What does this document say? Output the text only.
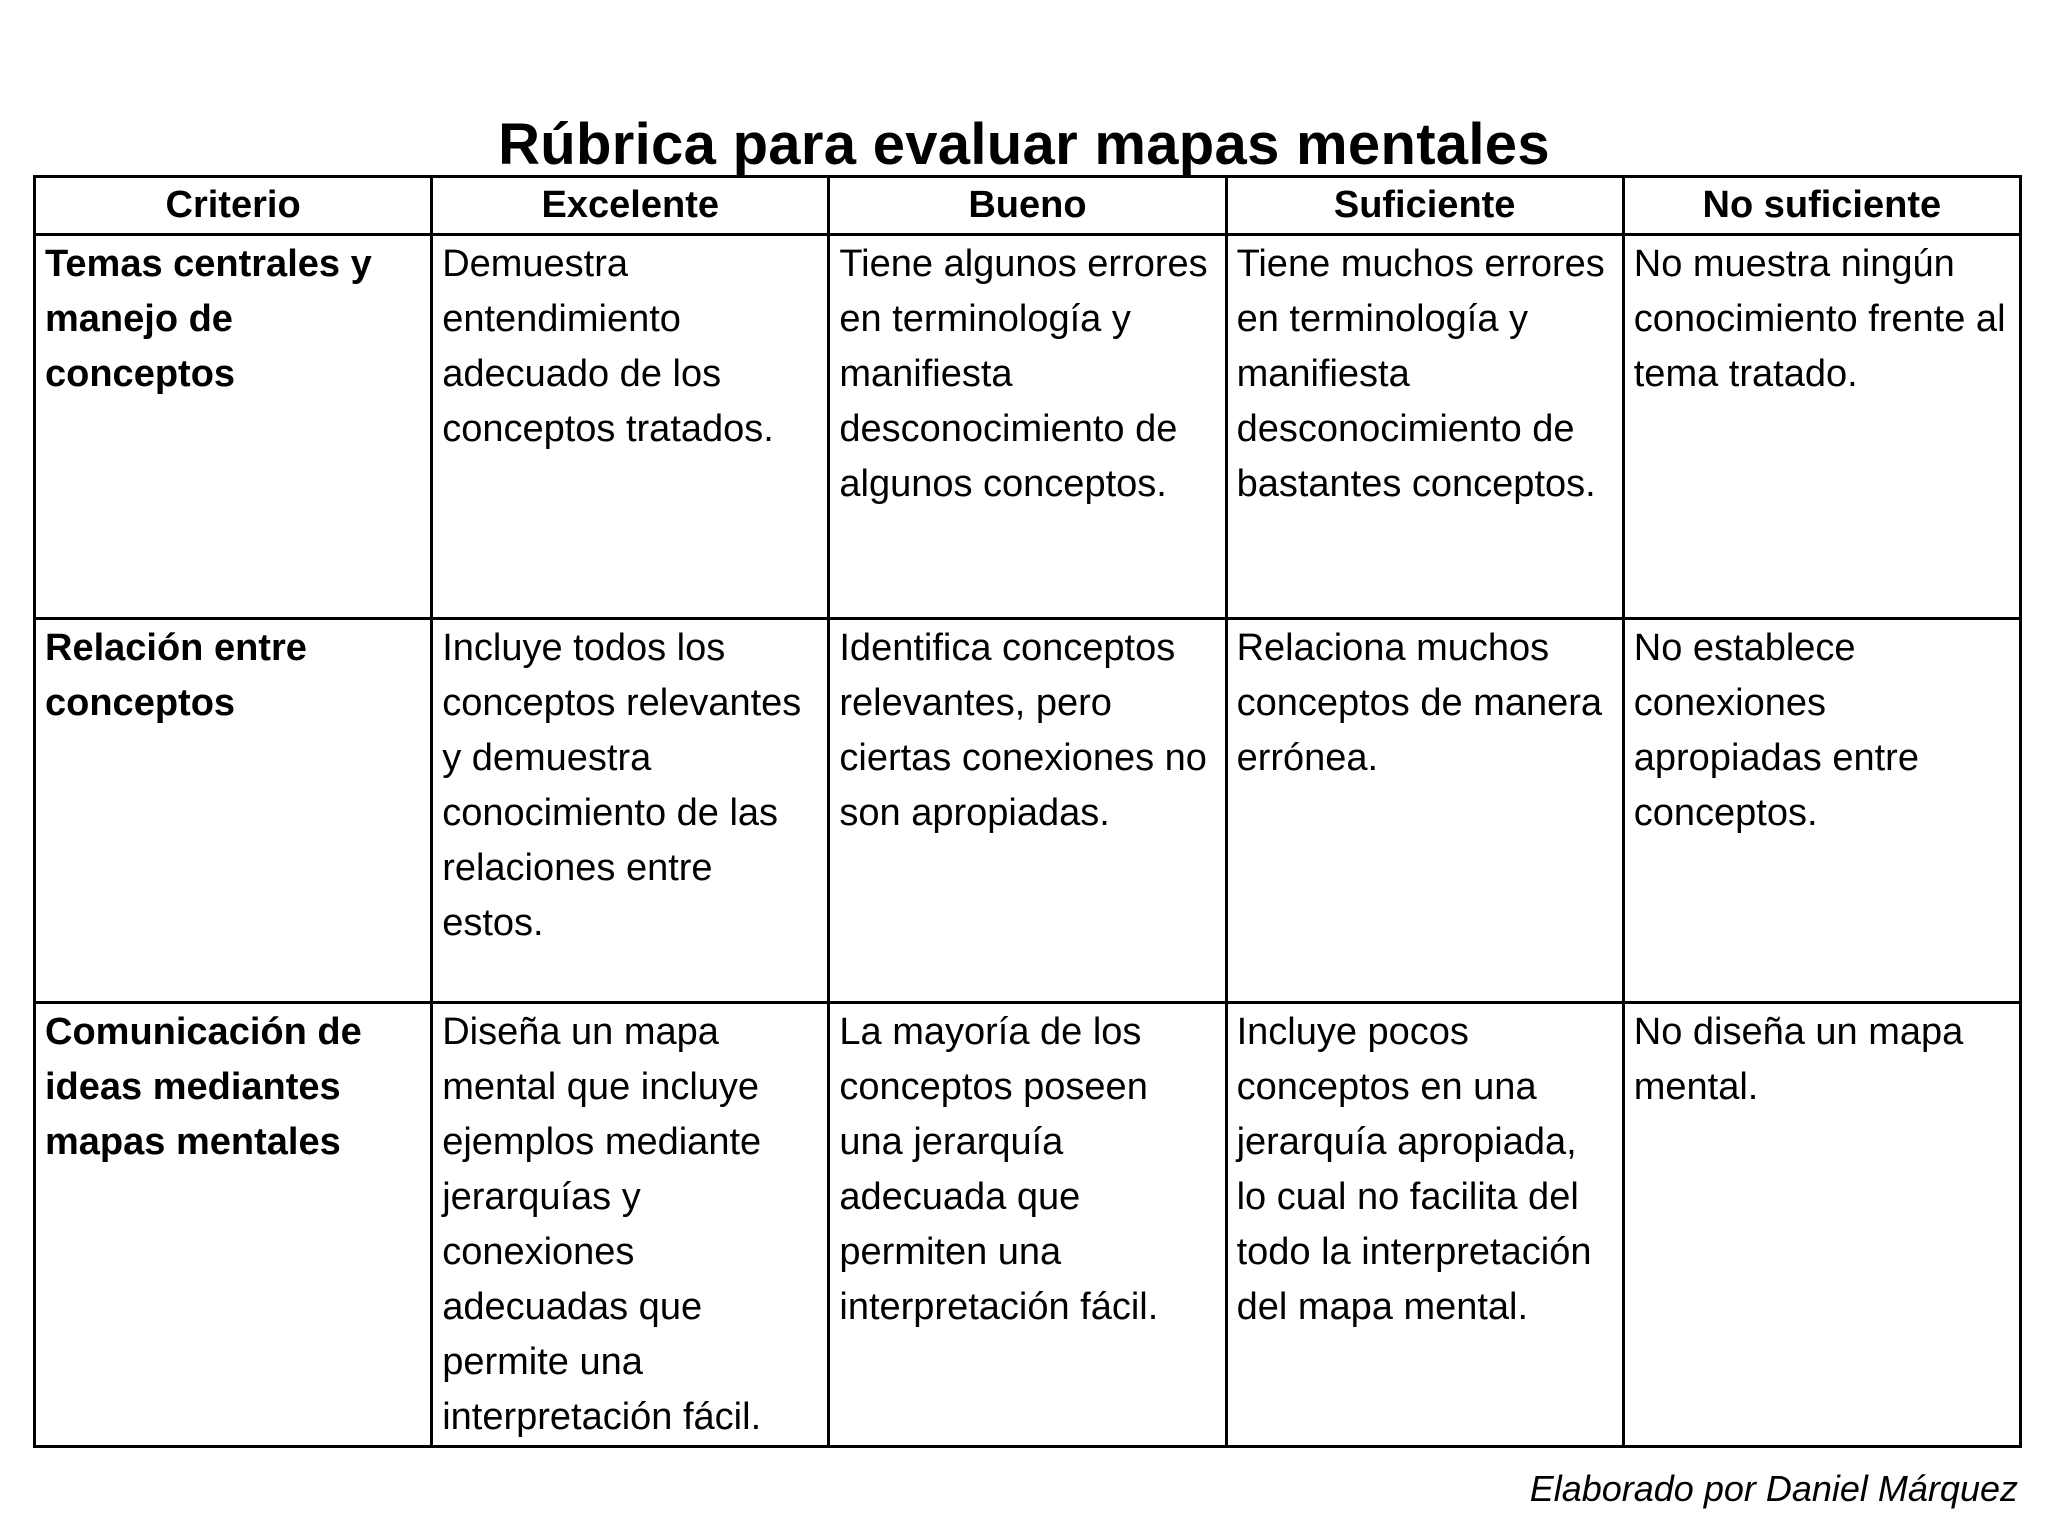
Rúbrica para evaluar mapas mentales
Criterio	Excelente	Bueno	Suficiente	No suficiente

Temas centrales y manejo de conceptos	Demuestra entendimiento adecuado de los conceptos tratados.	Tiene algunos errores en terminología y manifiesta desconocimiento de algunos conceptos.	Tiene muchos errores en terminología y manifiesta desconocimiento de bastantes conceptos.	No muestra ningún conocimiento frente al tema tratado.

Relación entre conceptos	Incluye todos los conceptos relevantes y demuestra conocimiento de las relaciones entre estos.	Identifica conceptos relevantes, pero ciertas conexiones no son apropiadas.	Relaciona muchos conceptos de manera errónea.	No establece conexiones apropiadas entre conceptos.

Comunicación de ideas mediantes mapas mentales	Diseña un mapa mental que incluye ejemplos mediante jerarquías y conexiones adecuadas que permite una interpretación fácil.	La mayoría de los conceptos poseen una jerarquía adecuada que permiten una interpretación fácil.	Incluye pocos conceptos en una jerarquía apropiada, lo cual no facilita del todo la interpretación del mapa mental.	No diseña un mapa mental.
Elaborado por Daniel Márquez
